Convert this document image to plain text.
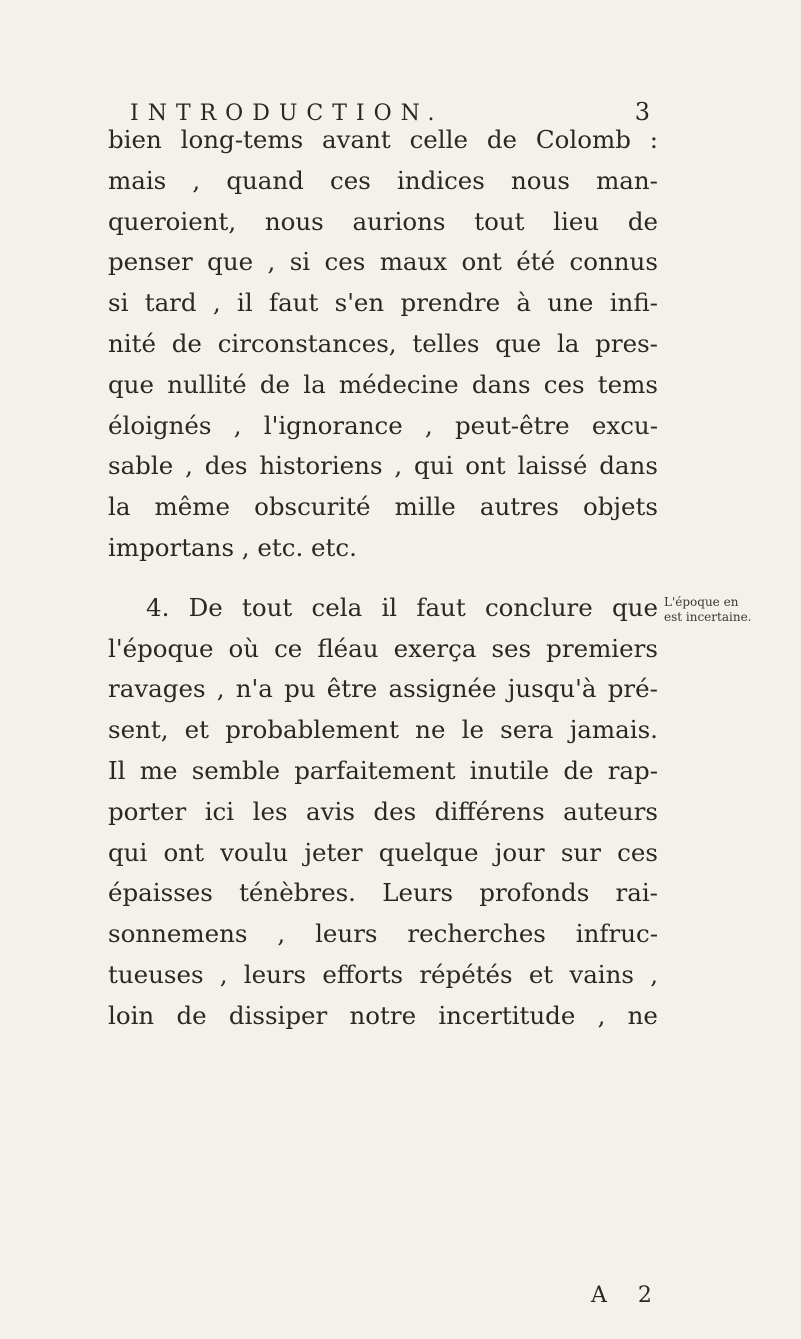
INTRODUCTION.	3
bien long-tems avant celle de Colomb :
mais , quand ces indices nous man-
queroient, nous aurions tout lieu de
penser que , si ces maux ont été connus
si tard , il faut s'en prendre à une infi-
nité de circonstances, telles que la pres-
que nullité de la médecine dans ces tems
éloignés , l'ignorance , peut-être excu-
sable , des historiens , qui ont laissé dans
la même obscurité mille autres objets
importans , etc. etc.
4. De tout cela il faut conclure que
l'époque où ce fléau exerça ses premiers
ravages , n'a pu être assignée jusqu'à pré-
sent, et probablement ne le sera jamais.
Il me semble parfaitement inutile de rap-
porter ici les avis des différens auteurs
qui ont voulu jeter quelque jour sur ces
épaisses ténèbres. Leurs profonds rai-
sonnemens , leurs recherches infruc-
tueuses , leurs efforts répétés et vains ,
loin de dissiper notre incertitude , ne
L'époque en
est incertaine.
A 2
